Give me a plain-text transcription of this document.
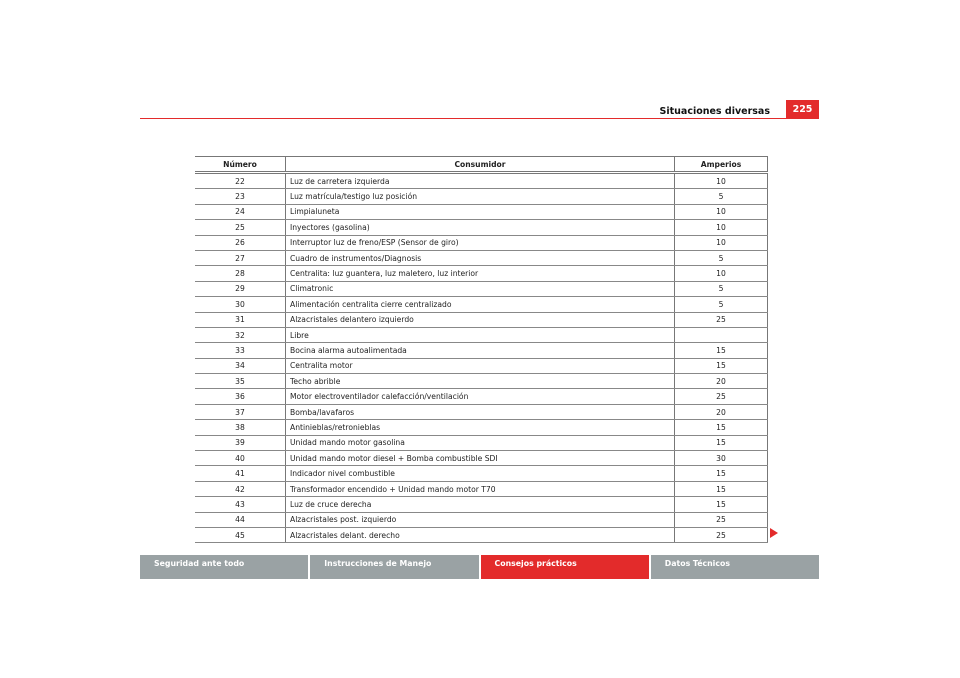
Situaciones diversas	225
Número	Consumidor	Amperios
22	Luz de carretera izquierda	10
23	Luz matrícula/testigo luz posición	5
24	Limpialuneta	10
25	Inyectores (gasolina)	10
26	Interruptor luz de freno/ESP (Sensor de giro)	10
27	Cuadro de instrumentos/Diagnosis	5
28	Centralita: luz guantera, luz maletero, luz interior	10
29	Climatronic	5
30	Alimentación centralita cierre centralizado	5
31	Alzacristales delantero izquierdo	25
32	Libre	
33	Bocina alarma autoalimentada	15
34	Centralita motor	15
35	Techo abrible	20
36	Motor electroventilador calefacción/ventilación	25
37	Bomba/lavafaros	20
38	Antinieblas/retronieblas	15
39	Unidad mando motor gasolina	15
40	Unidad mando motor diesel + Bomba combustible SDI	30
41	Indicador nivel combustible	15
42	Transformador encendido + Unidad mando motor T70	15
43	Luz de cruce derecha	15
44	Alzacristales post. izquierdo	25
45	Alzacristales delant. derecho	25
Seguridad ante todo	Instrucciones de Manejo	Consejos prácticos	Datos Técnicos
